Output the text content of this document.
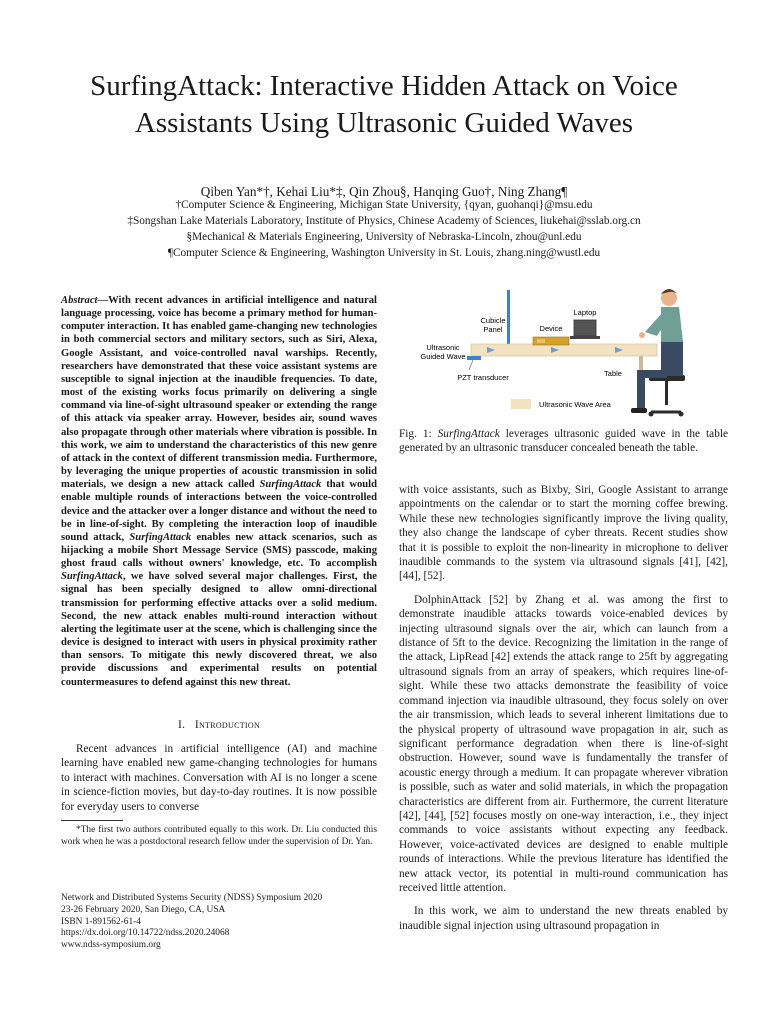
SurfingAttack: Interactive Hidden Attack on Voice
Assistants Using Ultrasonic Guided Waves
Qiben Yan*†, Kehai Liu*‡, Qin Zhou§, Hanqing Guo†, Ning Zhang¶
†Computer Science & Engineering, Michigan State University, {qyan, guohanqi}@msu.edu
‡Songshan Lake Materials Laboratory, Institute of Physics, Chinese Academy of Sciences, liukehai@sslab.org.cn
§Mechanical & Materials Engineering, University of Nebraska-Lincoln, zhou@unl.edu
¶Computer Science & Engineering, Washington University in St. Louis, zhang.ning@wustl.edu

Abstract—With recent advances in artificial intelligence and natural language processing, voice has become a primary method for human-computer interaction. It has enabled game-changing new technologies in both commercial sectors and military sectors, such as Siri, Alexa, Google Assistant, and voice-controlled naval warships. Recently, researchers have demonstrated that these voice assistant systems are susceptible to signal injection at the inaudible frequencies. To date, most of the existing works focus primarily on delivering a single command via line-of-sight ultrasound speaker or extending the range of this attack via speaker array. However, besides air, sound waves also propagate through other materials where vibration is possible. In this work, we aim to understand the characteristics of this new genre of attack in the context of different transmission media. Furthermore, by leveraging the unique properties of acoustic transmission in solid materials, we design a new attack called SurfingAttack that would enable multiple rounds of interactions between the voice-controlled device and the attacker over a longer distance and without the need to be in line-of-sight. By completing the interaction loop of inaudible sound attack, SurfingAttack enables new attack scenarios, such as hijacking a mobile Short Message Service (SMS) passcode, making ghost fraud calls without owners' knowledge, etc. To accomplish SurfingAttack, we have solved several major challenges. First, the signal has been specially designed to allow omni-directional transmission for performing effective attacks over a solid medium. Second, the new attack enables multi-round interaction without alerting the legitimate user at the scene, which is challenging since the device is designed to interact with users in physical proximity rather than sensors. To mitigate this newly discovered threat, we also provide discussions and experimental results on potential countermeasures to defend against this new threat.

I. Introduction

Recent advances in artificial intelligence (AI) and machine learning have enabled new game-changing technologies for humans to interact with machines. Conversation with AI is no longer a scene in science-fiction movies, but day-to-day routines. It is now possible for everyday users to converse

*The first two authors contributed equally to this work. Dr. Liu conducted this work when he was a postdoctoral research fellow under the supervision of Dr. Yan.

Network and Distributed Systems Security (NDSS) Symposium 2020
23-26 February 2020, San Diego, CA, USA
ISBN 1-891562-61-4
https://dx.doi.org/10.14722/ndss.2020.24068
www.ndss-symposium.org
Laptop
Cubicle
Panel	Device
Ultrasonic
Guided Wave
PZT transducer	Table
Ultrasonic Wave Area
Fig. 1: SurfingAttack leverages ultrasonic guided wave in the table generated by an ultrasonic transducer concealed beneath the table.

with voice assistants, such as Bixby, Siri, Google Assistant to arrange appointments on the calendar or to start the morning coffee brewing. While these new technologies significantly improve the living quality, they also change the landscape of cyber threats. Recent studies show that it is possible to exploit the non-linearity in microphone to deliver inaudible commands to the system via ultrasound signals [41], [42], [44], [52].

DolphinAttack [52] by Zhang et al. was among the first to demonstrate inaudible attacks towards voice-enabled devices by injecting ultrasound signals over the air, which can launch from a distance of 5ft to the device. Recognizing the limitation in the range of the attack, LipRead [42] extends the attack range to 25ft by aggregating ultrasound signals from an array of speakers, which requires line-of-sight. While these two attacks demonstrate the feasibility of voice command injection via inaudible ultrasound, they focus solely on over the air transmission, which leads to several inherent limitations due to the physical property of ultrasound wave propagation in air, such as significant performance degradation when there is line-of-sight obstruction. However, sound wave is fundamentally the transfer of acoustic energy through a medium. It can propagate wherever vibration is possible, such as water and solid materials, in which the propagation characteristics are different from air. Furthermore, the current literature [42], [44], [52] focuses mostly on one-way interaction, i.e., they inject commands to voice assistants without expecting any feedback. However, voice-activated devices are designed to enable multiple rounds of interactions. While the previous literature has identified the new attack vector, its potential in multi-round communication has received little attention.

In this work, we aim to understand the new threats enabled by inaudible signal injection using ultrasound propagation in
